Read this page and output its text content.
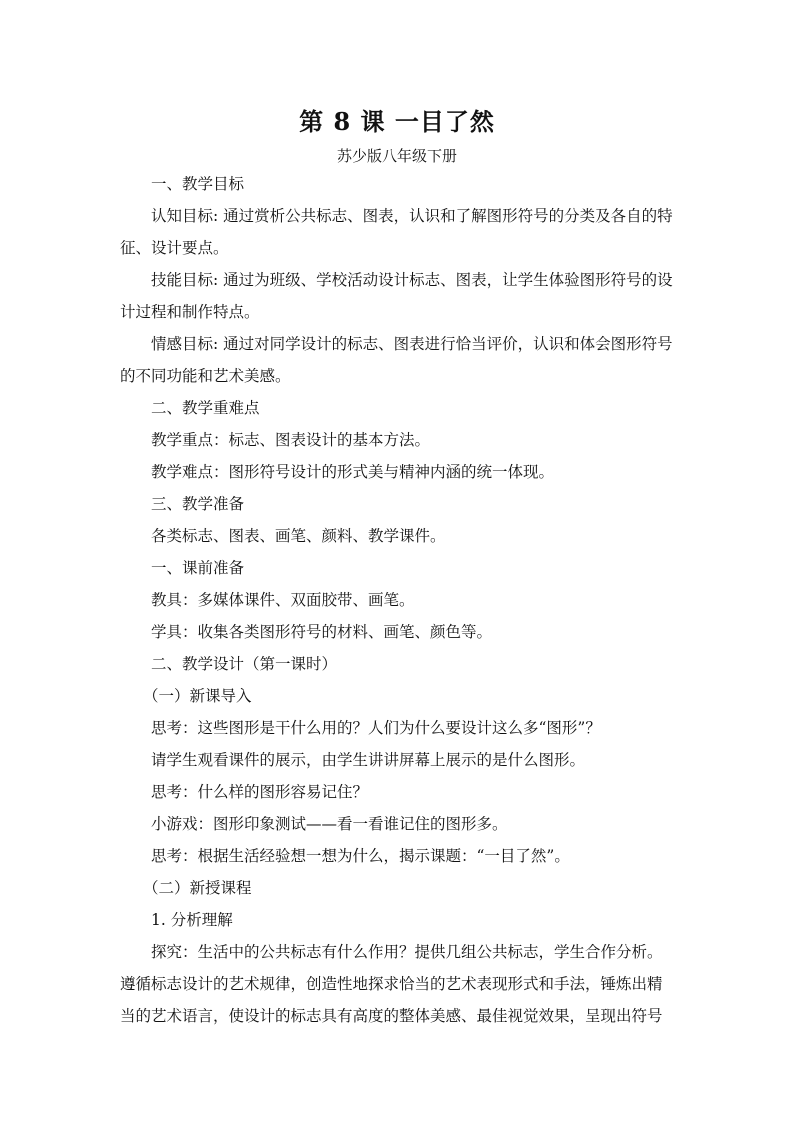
第 8 课 一目了然
苏少版八年级下册

一、教学目标

认知目标: 通过赏析公共标志、图表，认识和了解图形符号的分类及各自的特征、设计要点。

技能目标: 通过为班级、学校活动设计标志、图表，让学生体验图形符号的设计过程和制作特点。

情感目标: 通过对同学设计的标志、图表进行恰当评价，认识和体会图形符号的不同功能和艺术美感。

二、教学重难点

教学重点：标志、图表设计的基本方法。

教学难点：图形符号设计的形式美与精神内涵的统一体现。

三、教学准备

各类标志、图表、画笔、颜料、教学课件。

一、课前准备

教具：多媒体课件、双面胶带、画笔。

学具：收集各类图形符号的材料、画笔、颜色等。

二、教学设计（第一课时）

（一）新课导入

思考：这些图形是干什么用的？人们为什么要设计这么多“图形”？

请学生观看课件的展示，由学生讲讲屏幕上展示的是什么图形。

思考：什么样的图形容易记住？

小游戏：图形印象测试——看一看谁记住的图形多。

思考：根据生活经验想一想为什么，揭示课题：“一目了然”。

（二）新授课程

1. 分析理解

探究：生活中的公共标志有什么作用？提供几组公共标志，学生合作分析。遵循标志设计的艺术规律，创造性地探求恰当的艺术表现形式和手法，锤炼出精当的艺术语言，使设计的标志具有高度的整体美感、最佳视觉效果，呈现出符号
